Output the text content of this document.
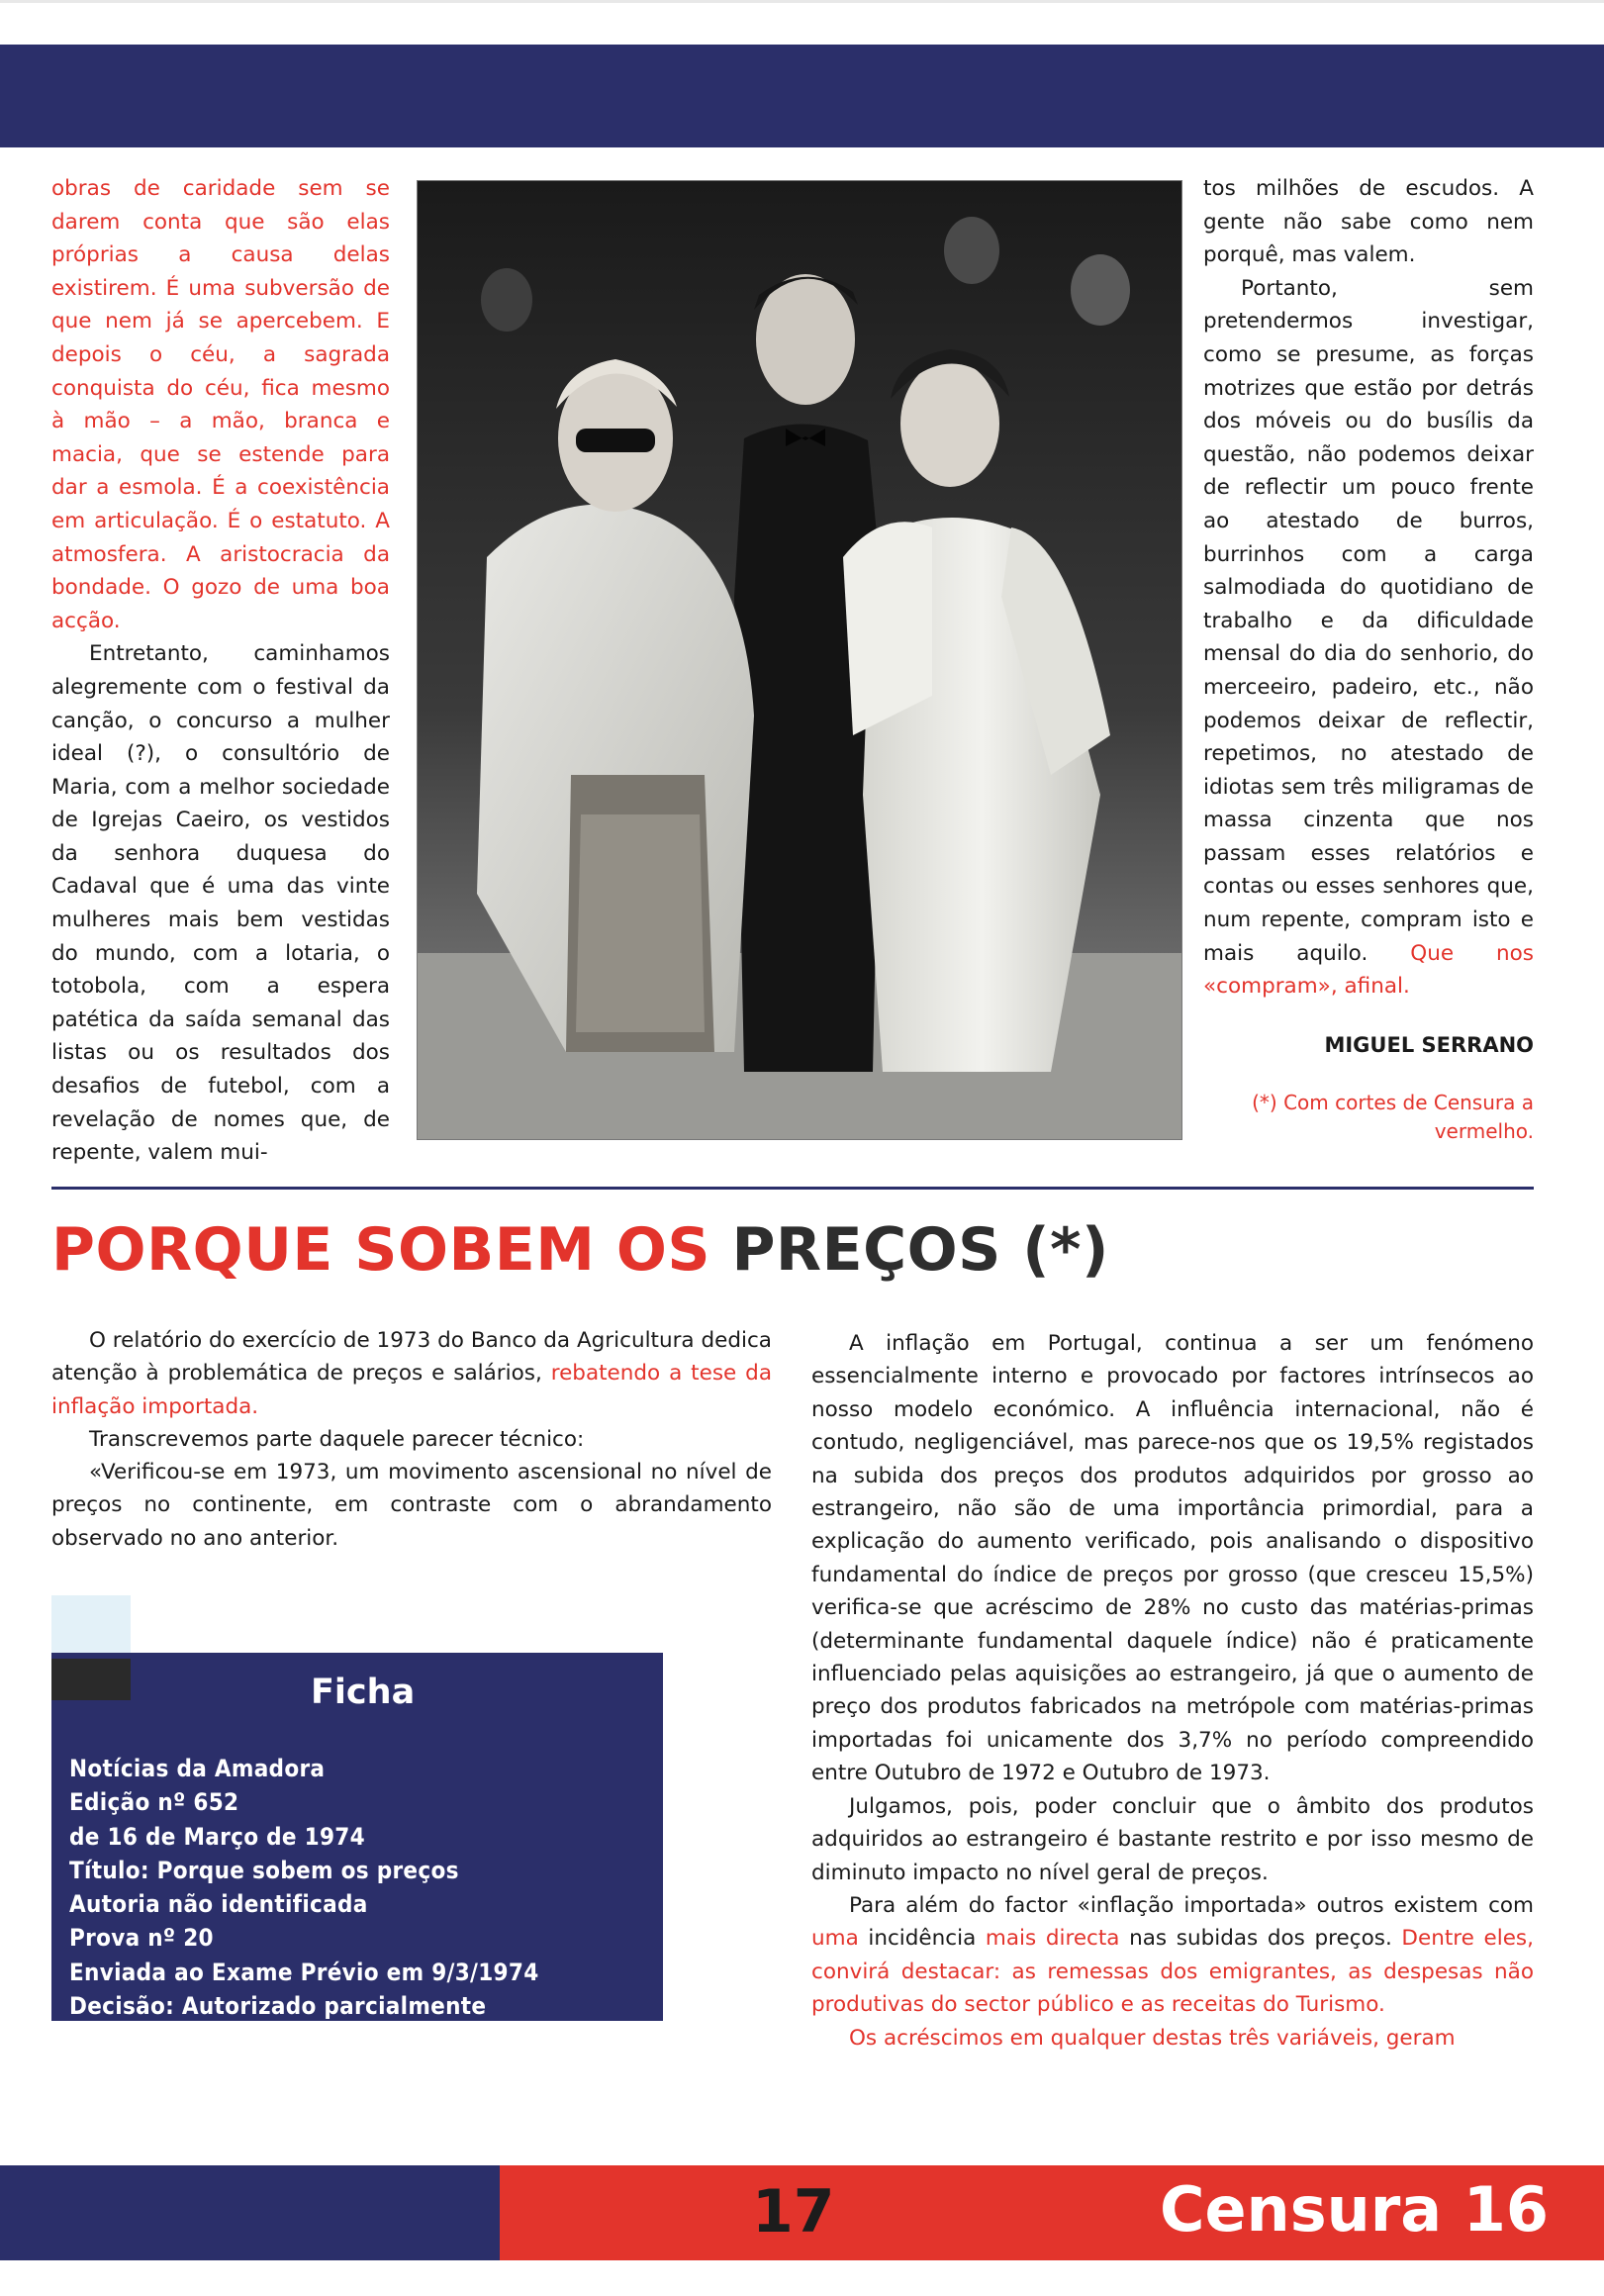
obras de caridade sem se darem conta que são elas próprias a causa delas existirem. É uma subversão de que nem já se apercebem. E depois o céu, a sagrada conquista do céu, fica mesmo à mão – a mão, branca e macia, que se estende para dar a esmola. É a coexistência em articulação. É o estatuto. A atmosfera. A aristocracia da bondade. O gozo de uma boa acção.

Entretanto, caminhamos alegremente com o festival da canção, o concurso a mulher ideal (?), o consultório de Maria, com a melhor sociedade de Igrejas Caeiro, os vestidos da senhora duquesa do Cadaval que é uma das vinte mulheres mais bem vestidas do mundo, com a lotaria, o totobola, com a espera patética da saída semanal das listas ou os resultados dos desafios de futebol, com a revelação de nomes que, de repente, valem mui-

tos milhões de escudos. A gente não sabe como nem porquê, mas valem.

Portanto, sem pretendermos investigar, como se presume, as forças motrizes que estão por detrás dos móveis ou do busílis da questão, não podemos deixar de reflectir um pouco frente ao atestado de burros, burrinhos com a carga salmodiada do quotidiano de trabalho e da dificuldade mensal do dia do senhorio, do merceeiro, padeiro, etc., não podemos deixar de reflectir, repetimos, no atestado de idiotas sem três miligramas de massa cinzenta que nos passam esses relatórios e contas ou esses senhores que, num repente, compram isto e mais aquilo. Que nos «compram», afinal.

MIGUEL SERRANO
(*) Com cortes de Censura a vermelho.
PORQUE SOBEM OS PREÇOS (*)

O relatório do exercício de 1973 do Banco da Agricultura dedica atenção à problemática de preços e salários, rebatendo a tese da inflação importada.

Transcrevemos parte daquele parecer técnico:

«Verificou-se em 1973, um movimento ascensional no nível de preços no continente, em contraste com o abrandamento observado no ano anterior.

Ficha
Notícias da Amadora
Edição nº 652
de 16 de Março de 1974
Título: Porque sobem os preços
Autoria não identificada
Prova nº 20
Enviada ao Exame Prévio em 9/3/1974
Decisão: Autorizado parcialmente
Nº de linguados: 1
Largura da coluna: 8,4 cm
Comprimento total: 15 cm

A inflação em Portugal, continua a ser um fenómeno essencialmente interno e provocado por factores intrínsecos ao nosso modelo económico. A influência internacional, não é contudo, negligenciável, mas parece-nos que os 19,5% registados na subida dos preços dos produtos adquiridos por grosso ao estrangeiro, não são de uma importância primordial, para a explicação do aumento verificado, pois analisando o dispositivo fundamental do índice de preços por grosso (que cresceu 15,5%) verifica-se que acréscimo de 28% no custo das matérias-primas (determinante fundamental daquele índice) não é praticamente influenciado pelas aquisições ao estrangeiro, já que o aumento de preço dos produtos fabricados na metrópole com matérias-primas importadas foi unicamente dos 3,7% no período compreendido entre Outubro de 1972 e Outubro de 1973.

Julgamos, pois, poder concluir que o âmbito dos produtos adquiridos ao estrangeiro é bastante restrito e por isso mesmo de diminuto impacto no nível geral de preços.

Para além do factor «inflação importada» outros existem com uma incidência mais directa nas subidas dos preços. Dentre eles, convirá destacar: as remessas dos emigrantes, as despesas não produtivas do sector público e as receitas do Turismo.

Os acréscimos em qualquer destas três variáveis, geram

17	Censura 16
